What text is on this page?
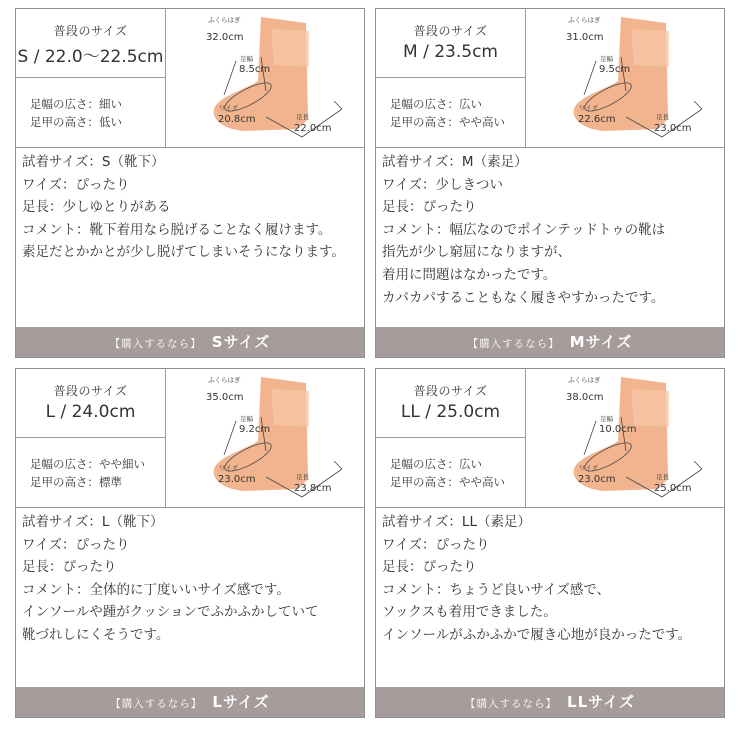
普段のサイズ
S / 22.0〜22.5cm
足幅の広さ：細い
足甲の高さ：低い
ふくらはぎ
32.0cm
足幅
8.5cm
ワイズ
20.8cm	足長
22.0cm
試着サイズ：S（靴下）
ワイズ：ぴったり
足長：少しゆとりがある
コメント：靴下着用なら脱げることなく履けます。
素足だとかかとが少し脱げてしまいそうになります。
【購入するなら】 Sサイズ
普段のサイズ
M / 23.5cm
足幅の広さ：広い
足甲の高さ：やや高い
ふくらはぎ
31.0cm
足幅
9.5cm
ワイズ
22.6cm	足長
23.0cm
試着サイズ：M（素足）
ワイズ：少しきつい
足長：ぴったり
コメント：幅広なのでポインテッドトゥの靴は
指先が少し窮屈になりますが、
着用に問題はなかったです。
カパカパすることもなく履きやすかったです。
【購入するなら】 Mサイズ
普段のサイズ
L / 24.0cm
足幅の広さ：やや細い
足甲の高さ：標準
ふくらはぎ
35.0cm
足幅
9.2cm
ワイズ
23.0cm	足長
23.8cm
試着サイズ：L（靴下）
ワイズ：ぴったり
足長：ぴったり
コメント：全体的に丁度いいサイズ感です。
インソールや踵がクッションでふかふかしていて
靴づれしにくそうです。
【購入するなら】 Lサイズ
普段のサイズ
LL / 25.0cm
足幅の広さ：広い
足甲の高さ：やや高い
ふくらはぎ
38.0cm
足幅
10.0cm
ワイズ
23.0cm	足長
25.0cm
試着サイズ：LL（素足）
ワイズ：ぴったり
足長：ぴったり
コメント：ちょうど良いサイズ感で、
ソックスも着用できました。
インソールがふかふかで履き心地が良かったです。
【購入するなら】 LLサイズ
